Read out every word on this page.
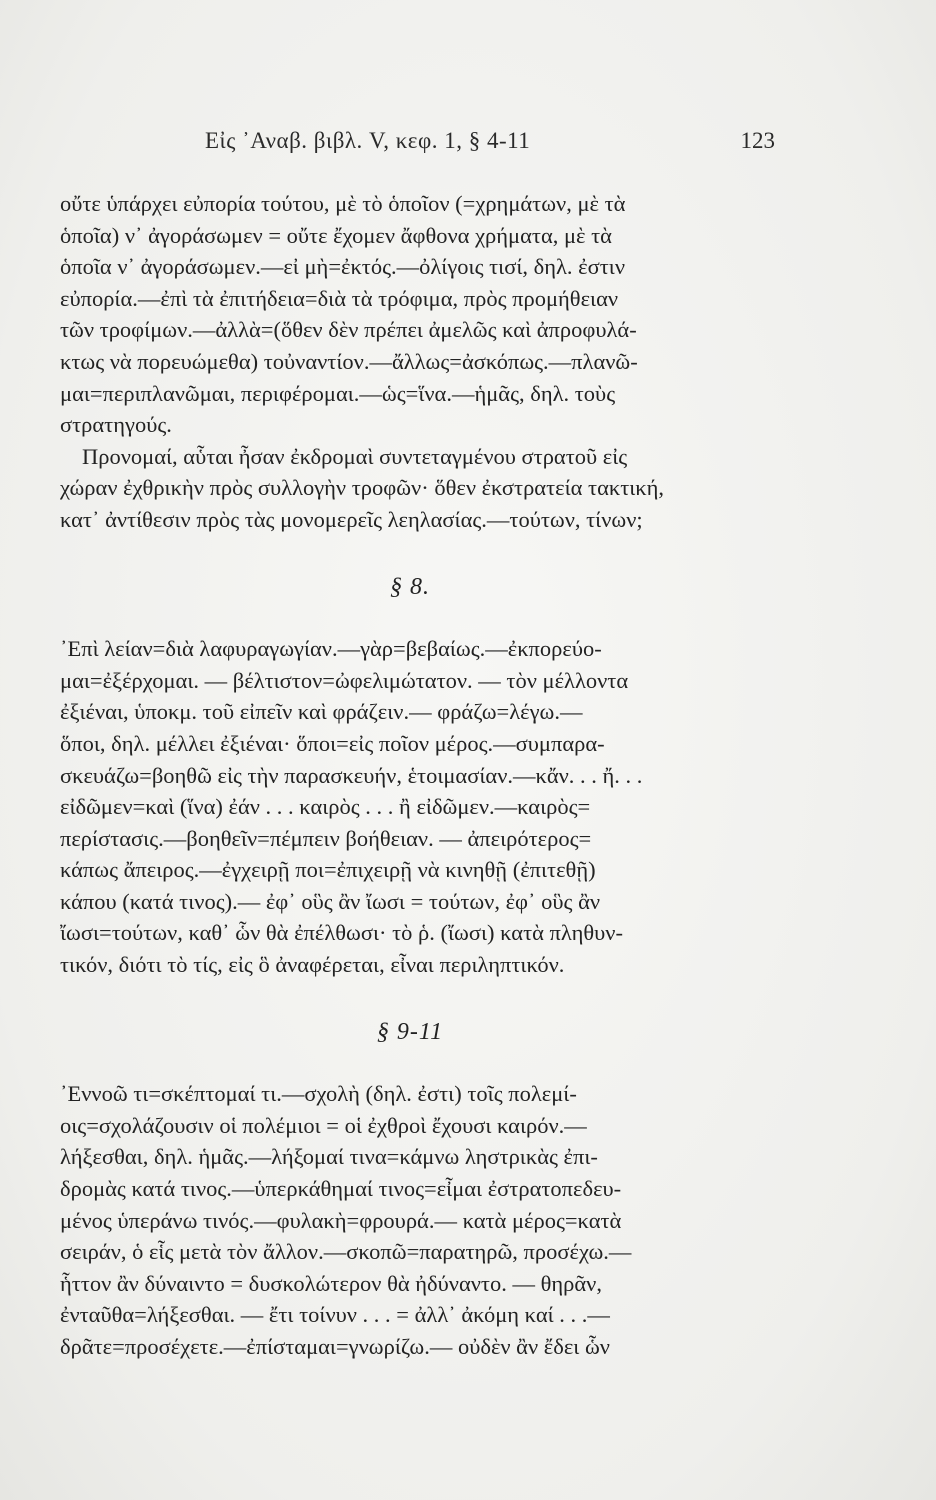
Εἰς ᾿Αναβ. βιβλ. V, κεφ. 1, § 4-11	123

οὔτε ὑπάρχει εὐπορία τούτου, μὲ τὸ ὁποῖον (=χρημάτων, μὲ τὰ
ὁποῖα) ν᾿ ἀγοράσωμεν = οὔτε ἔχομεν ἄφθονα χρήματα, μὲ τὰ
ὁποῖα ν᾿ ἀγοράσωμεν.—εἰ μὴ=ἐκτός.—ὀλίγοις τισί, δηλ. ἐστιν
εὐπορία.—ἐπὶ τὰ ἐπιτήδεια=διὰ τὰ τρόφιμα, πρὸς προμήθειαν
τῶν τροφίμων.—ἀλλὰ=(ὅθεν δὲν πρέπει ἀμελῶς καὶ ἀπροφυλά-
κτως νὰ πορευώμεθα) τοὐναντίον.—ἄλλως=ἀσκόπως.—πλανῶ-
μαι=περιπλανῶμαι, περιφέρομαι.—ὡς=ἵνα.—ἡμᾶς, δηλ. τοὺς
στρατηγούς.

Προνομαί, αὗται ἦσαν ἐκδρομαὶ συντεταγμένου στρατοῦ εἰς
χώραν ἐχθρικὴν πρὸς συλλογὴν τροφῶν· ὅθεν ἐκστρατεία τακτική,
κατ᾿ ἀντίθεσιν πρὸς τὰς μονομερεῖς λεηλασίας.—τούτων, τίνων;

§ 8.

᾿Επὶ λείαν=διὰ λαφυραγωγίαν.—γὰρ=βεβαίως.—ἐκπορεύο-
μαι=ἐξέρχομαι. — βέλτιστον=ὠφελιμώτατον. — τὸν μέλλοντα
ἐξιέναι, ὑποκμ. τοῦ εἰπεῖν καὶ φράζειν.— φράζω=λέγω.—
ὅποι, δηλ. μέλλει ἐξιέναι· ὅποι=εἰς ποῖον μέρος.—συμπαρα-
σκευάζω=βοηθῶ εἰς τὴν παρασκευήν, ἑτοιμασίαν.—κἄν. . . ἤ. . .
εἰδῶμεν=καὶ (ἵνα) ἐάν . . . καιρὸς . . . ἢ εἰδῶμεν.—καιρὸς=
περίστασις.—βοηθεῖν=πέμπειν βοήθειαν. — ἀπειρότερος=
κάπως ἄπειρος.—ἐγχειρῇ ποι=ἐπιχειρῇ νὰ κινηθῇ (ἐπιτεθῇ)
κάπου (κατά τινος).— ἐφ᾿ οὓς ἂν ἴωσι = τούτων, ἐφ᾿ οὓς ἂν
ἴωσι=τούτων, καθ᾿ ὧν θὰ ἐπέλθωσι· τὸ ῥ. (ἴωσι) κατὰ πληθυν-
τικόν, διότι τὸ τίς, εἰς ὃ ἀναφέρεται, εἶναι περιληπτικόν.

§ 9-11

᾿Εννοῶ τι=σκέπτομαί τι.—σχολὴ (δηλ. ἐστι) τοῖς πολεμί-
οις=σχολάζουσιν οἱ πολέμιοι = οἱ ἐχθροὶ ἔχουσι καιρόν.—
λήξεσθαι, δηλ. ἡμᾶς.—λήξομαί τινα=κάμνω ληστρικὰς ἐπι-
δρομὰς κατά τινος.—ὑπερκάθημαί τινος=εἶμαι ἐστρατοπεδευ-
μένος ὑπεράνω τινός.—φυλακὴ=φρουρά.— κατὰ μέρος=κατὰ
σειράν, ὁ εἷς μετὰ τὸν ἄλλον.—σκοπῶ=παρατηρῶ, προσέχω.—
ἧττον ἂν δύναιντο = δυσκολώτερον θὰ ἠδύναντο. — θηρᾶν,
ἐνταῦθα=λήξεσθαι. — ἔτι τοίνυν . . . = ἀλλ᾿ ἀκόμη καί . . .—
δρᾶτε=προσέχετε.—ἐπίσταμαι=γνωρίζω.— οὐδὲν ἂν ἔδει ὧν
